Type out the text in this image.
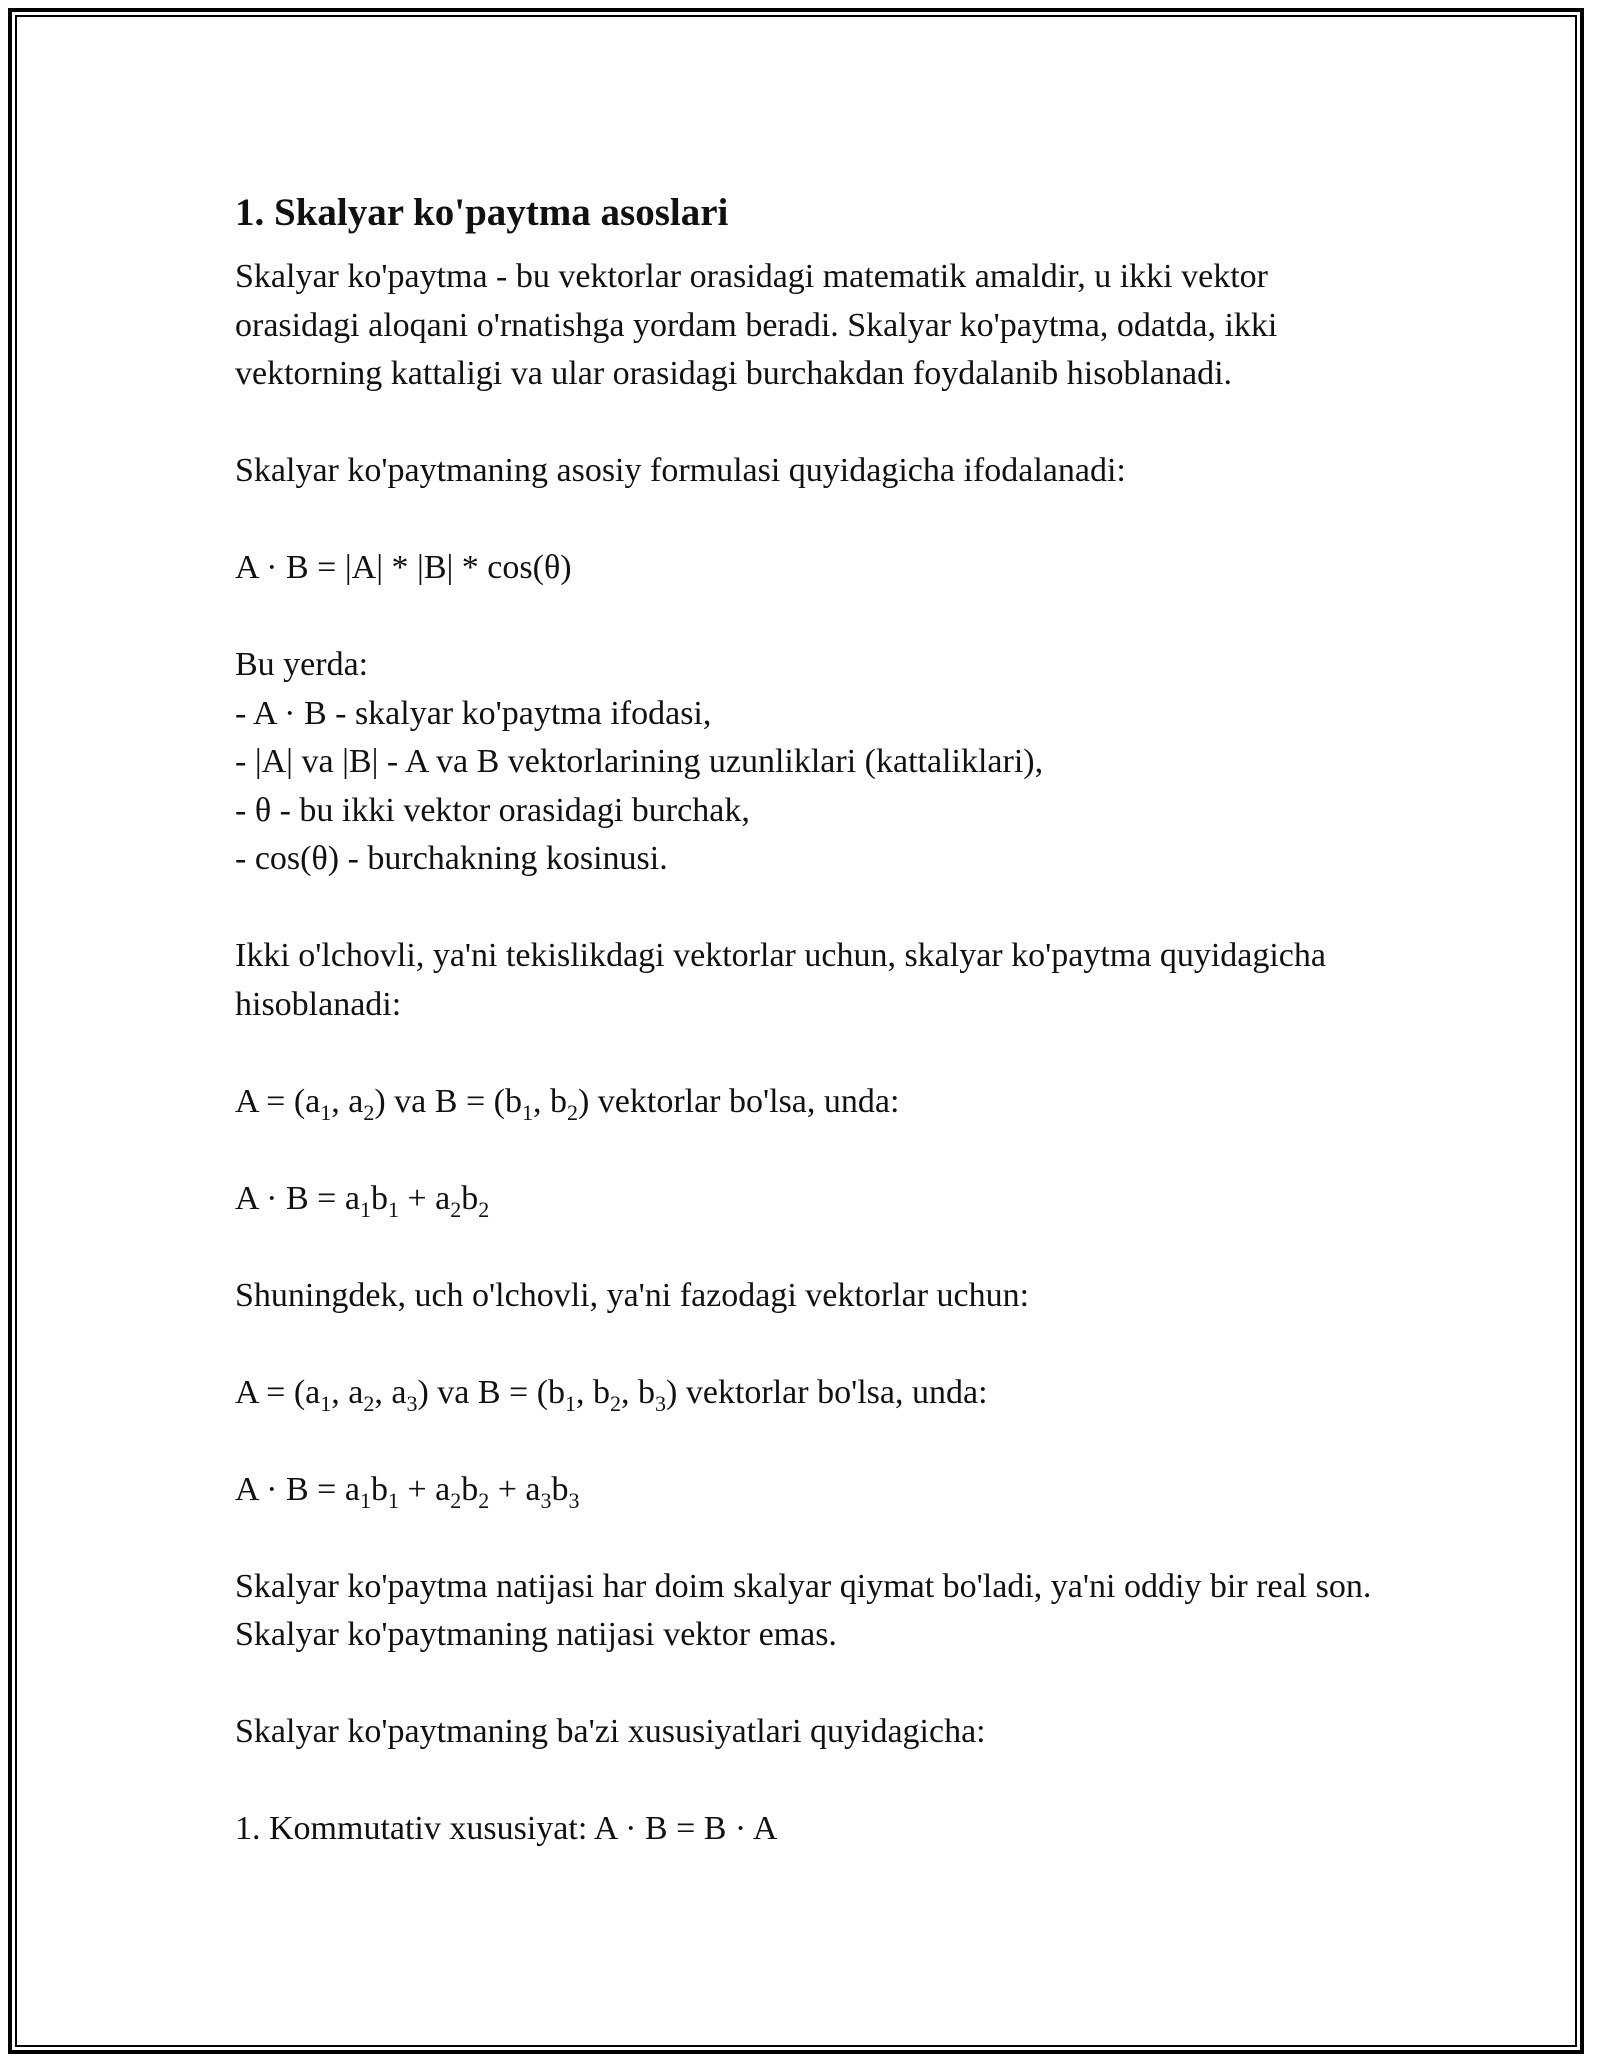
1. Skalyar ko'paytma asoslari

Skalyar ko'paytma - bu vektorlar orasidagi matematik amaldir, u ikki vektor orasidagi aloqani o'rnatishga yordam beradi. Skalyar ko'paytma, odatda, ikki vektorning kattaligi va ular orasidagi burchakdan foydalanib hisoblanadi.

Skalyar ko'paytmaning asosiy formulasi quyidagicha ifodalanadi:

A · B = |A| * |B| * cos(θ)

Bu yerda:
- A · B - skalyar ko'paytma ifodasi,
- |A| va |B| - A va B vektorlarining uzunliklari (kattaliklari),
- θ - bu ikki vektor orasidagi burchak,
- cos(θ) - burchakning kosinusi.

Ikki o'lchovli, ya'ni tekislikdagi vektorlar uchun, skalyar ko'paytma quyidagicha hisoblanadi:

$A = (a_1$, $a_2$) va $B = (b_1$, $b_2$) vektorlar bo'lsa, unda:

$A \cdot B = a_1b_1 + a_2b_2$

Shuningdek, uch o'lchovli, ya'ni fazodagi vektorlar uchun:

$A = (a_1$, $a_2$, $a_3$) va $B = (b_1$, $b_2$, $b_3$) vektorlar bo'lsa, unda:

$A \cdot B = a_1b_1 + a_2b_2 + a_3b_3$

Skalyar ko'paytma natijasi har doim skalyar qiymat bo'ladi, ya'ni oddiy bir real son. Skalyar ko'paytmaning natijasi vektor emas.

Skalyar ko'paytmaning ba'zi xususiyatlari quyidagicha:

1. Kommutativ xususiyat: A · B = B · A
